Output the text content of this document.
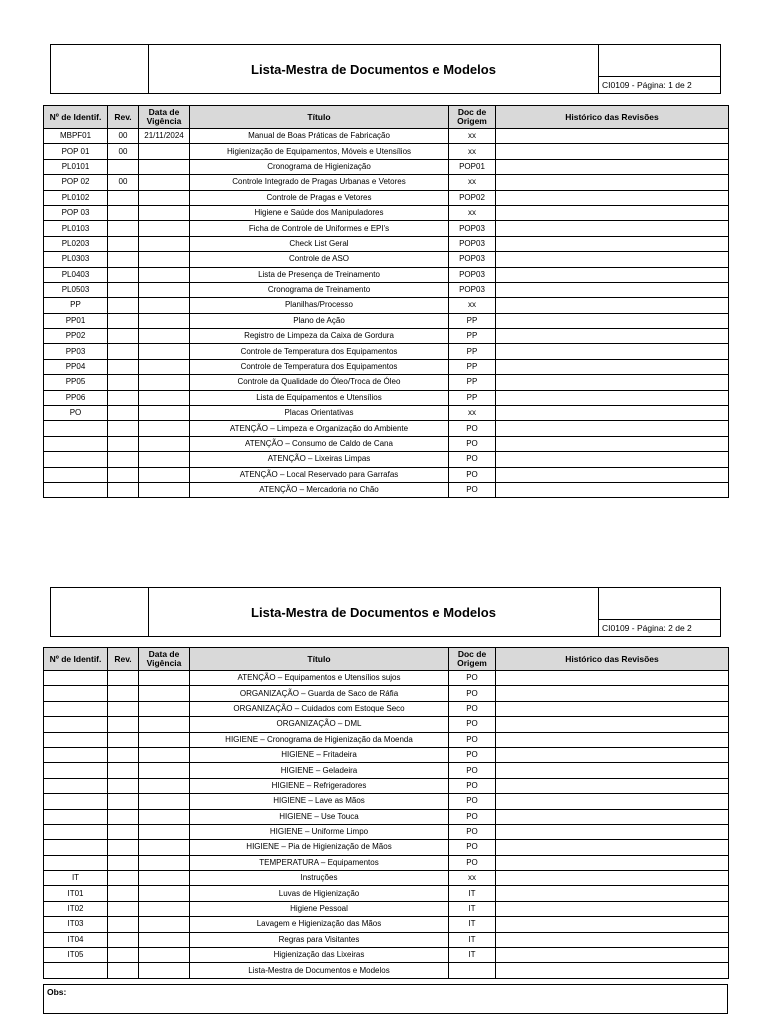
Lista-Mestra de Documentos e Modelos
CI0109 - Página: 1 de 2
Nº de Identif.	Rev.	Data de Vigência	Título	Doc de Origem	Histórico das Revisões
MBPF01	00	21/11/2024	Manual de Boas Práticas de Fabricação	xx	
POP 01	00		Higienização de Equipamentos, Móveis e Utensílios	xx	
PL0101			Cronograma de Higienização	POP01	
POP 02	00		Controle Integrado de Pragas Urbanas e Vetores	xx	
PL0102			Controle de Pragas e Vetores	POP02	
POP 03			Higiene e Saúde dos Manipuladores	xx	
PL0103			Ficha de Controle de Uniformes e EPI's	POP03	
PL0203			Check List Geral	POP03	
PL0303			Controle de ASO	POP03	
PL0403			Lista de Presença de Treinamento	POP03	
PL0503			Cronograma de Treinamento	POP03	
PP			Planilhas/Processo	xx	
PP01			Plano de Ação	PP	
PP02			Registro de Limpeza da Caixa de Gordura	PP	
PP03			Controle de Temperatura dos Equipamentos	PP	
PP04			Controle de Temperatura dos Equipamentos	PP	
PP05			Controle da Qualidade do Óleo/Troca de Óleo	PP	
PP06			Lista de Equipamentos e Utensílios	PP	
PO			Placas Orientativas	xx	
			ATENÇÃO – Limpeza e Organização do Ambiente	PO	
			ATENÇÃO – Consumo de Caldo de Cana	PO	
			ATENÇÃO – Lixeiras Limpas	PO	
			ATENÇÃO – Local Reservado para Garrafas	PO	
			ATENÇÃO – Mercadoria no Chão	PO	
Lista-Mestra de Documentos e Modelos
CI0109 - Página: 2 de 2
Nº de Identif.	Rev.	Data de Vigência	Título	Doc de Origem	Histórico das Revisões
			ATENÇÃO – Equipamentos e Utensílios sujos	PO	
			ORGANIZAÇÃO – Guarda de Saco de Ráfia	PO	
			ORGANIZAÇÃO – Cuidados com Estoque Seco	PO	
			ORGANIZAÇÃO – DML	PO	
			HIGIENE – Cronograma de Higienização da Moenda	PO	
			HIGIENE – Fritadeira	PO	
			HIGIENE – Geladeira	PO	
			HIGIENE – Refrigeradores	PO	
			HIGIENE – Lave as Mãos	PO	
			HIGIENE – Use Touca	PO	
			HIGIENE – Uniforme Limpo	PO	
			HIGIENE – Pia de Higienização de Mãos	PO	
			TEMPERATURA – Equipamentos	PO	
IT			Instruções	xx	
IT01			Luvas de Higienização	IT	
IT02			Higiene Pessoal	IT	
IT03			Lavagem e Higienização das Mãos	IT	
IT04			Regras para Visitantes	IT	
IT05			Higienização das Lixeiras	IT	
			Lista-Mestra de Documentos e Modelos		
Obs:
